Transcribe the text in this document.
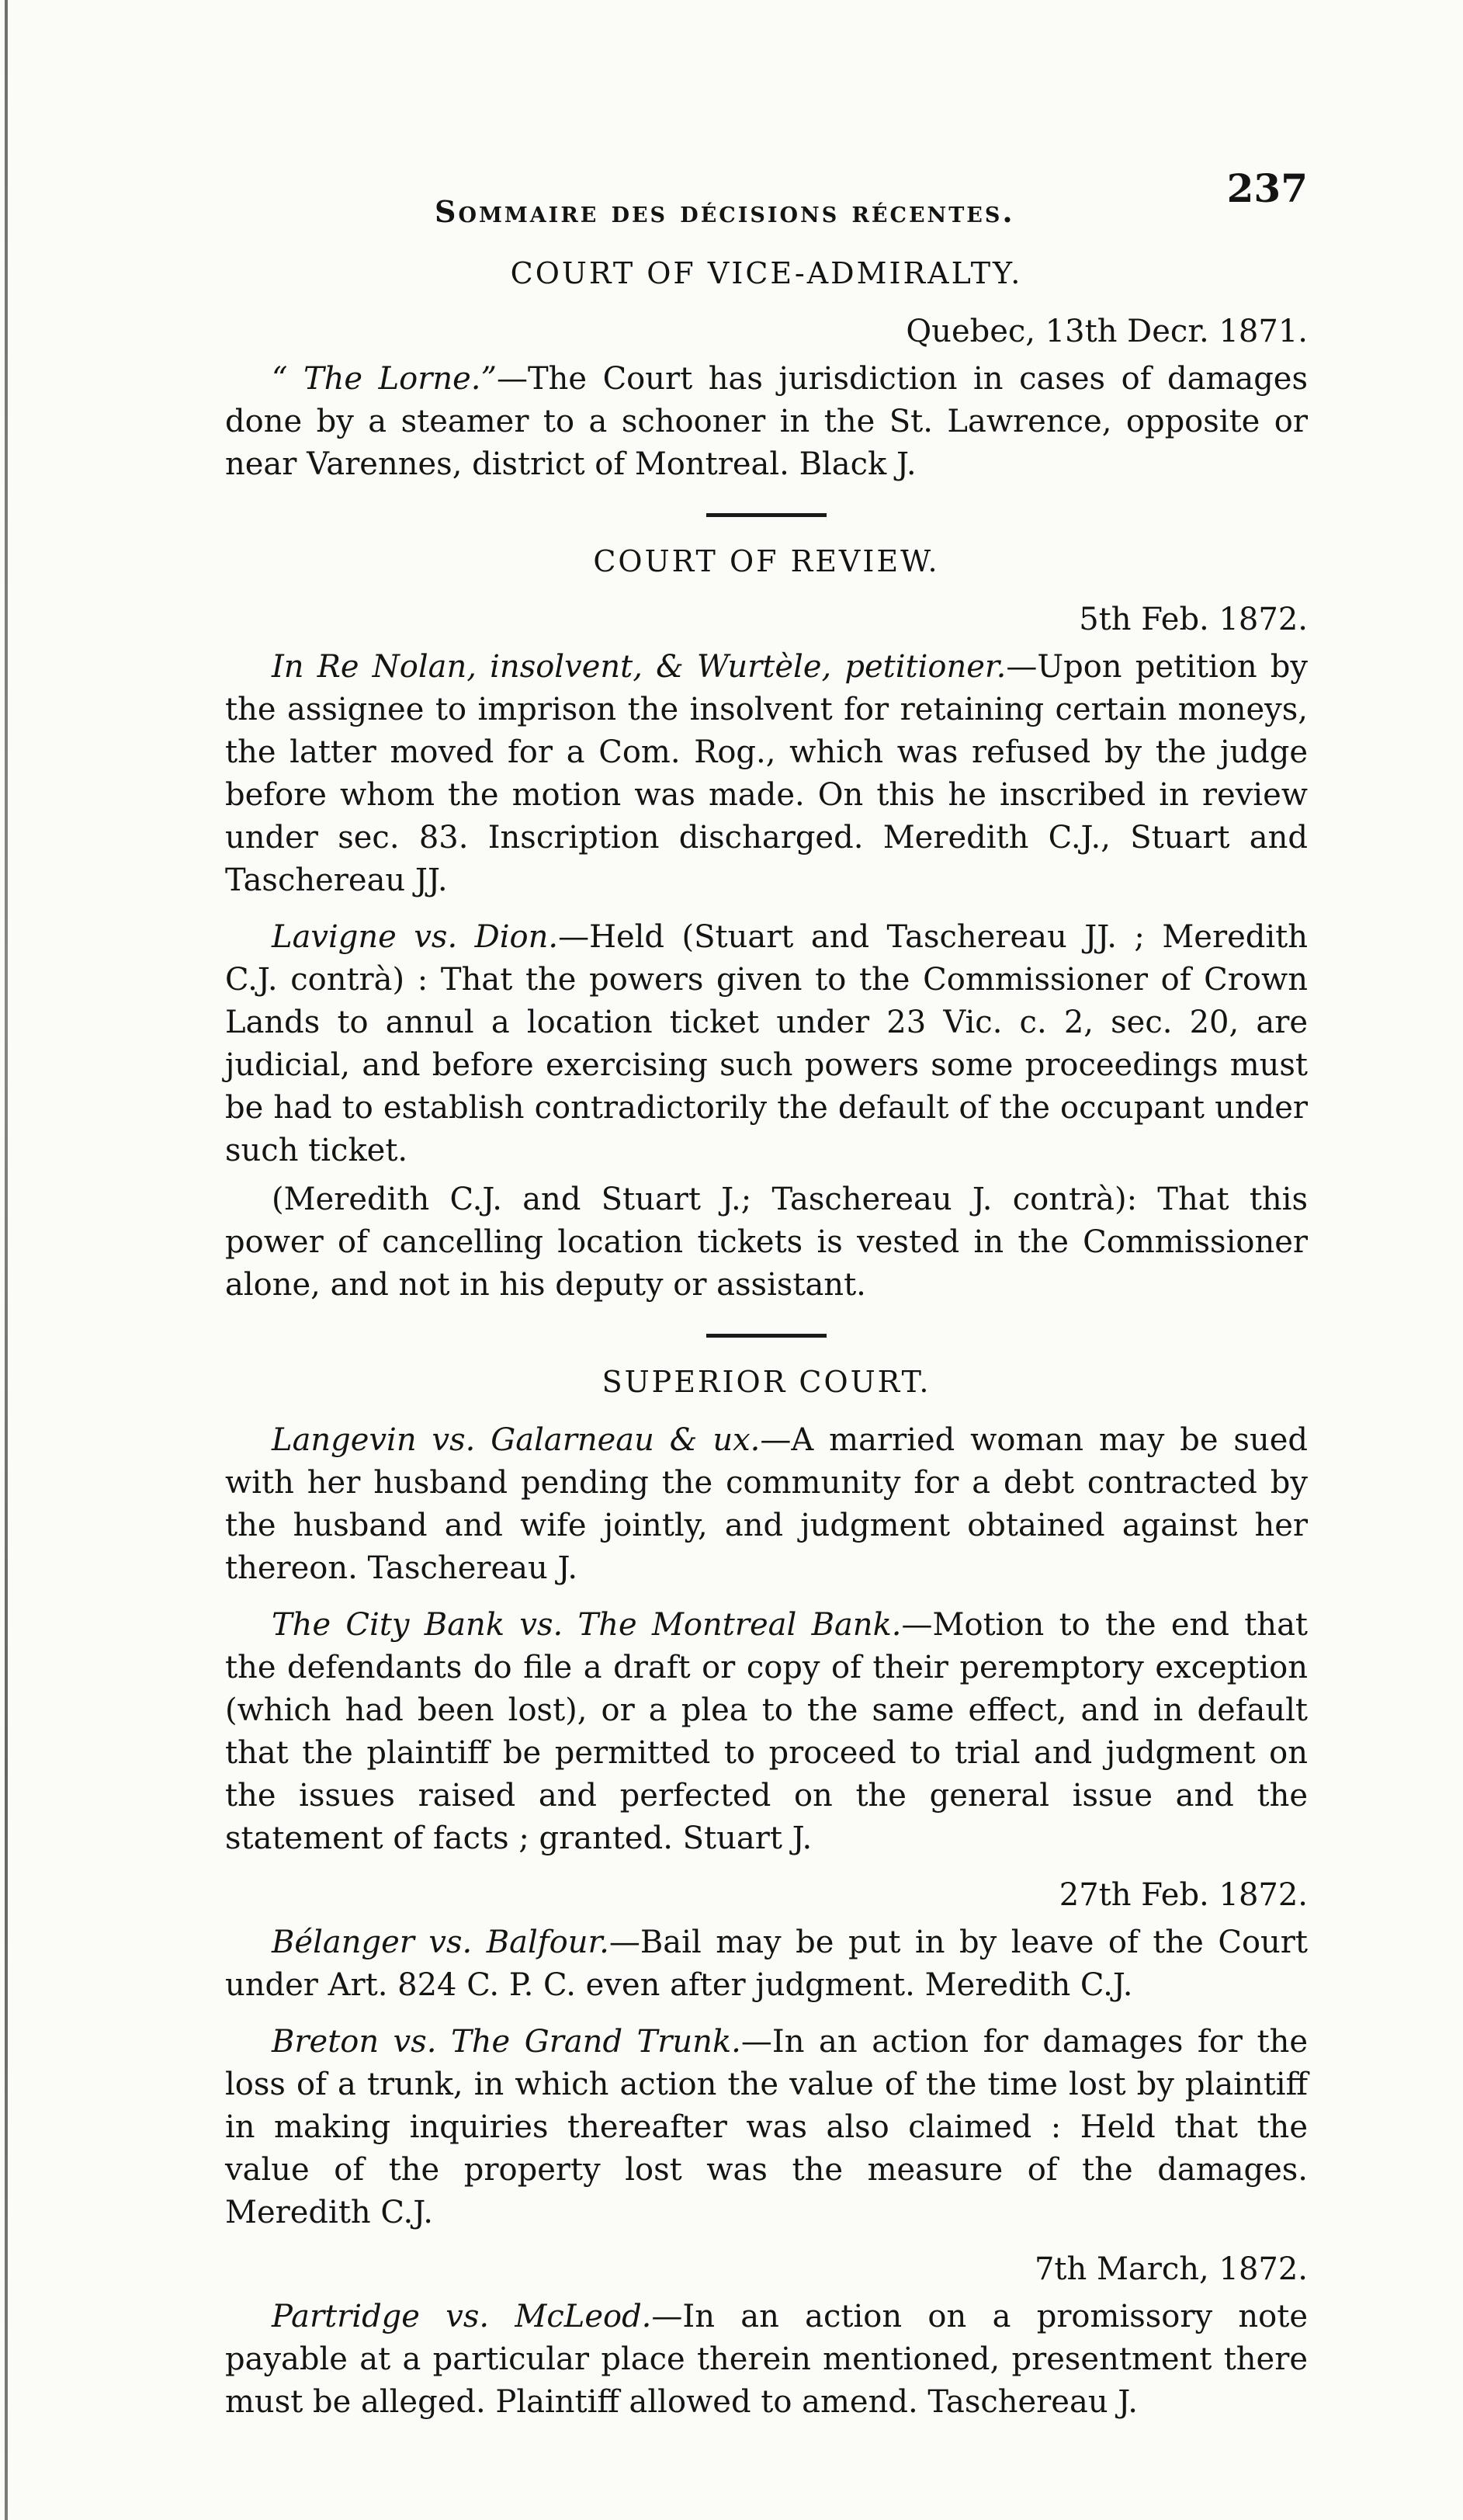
Sommaire des décisions récentes.
237
COURT OF VICE-ADMIRALTY.
Quebec, 13th Decr. 1871.

“ The Lorne.”—The Court has jurisdiction in cases of damages done by a steamer to a schooner in the St. Lawrence, opposite or near Varennes, district of Montreal. Black J.

COURT OF REVIEW.
5th Feb. 1872.

In Re Nolan, insolvent, & Wurtèle, petitioner.—Upon petition by the assignee to imprison the insolvent for retaining certain moneys, the latter moved for a Com. Rog., which was refused by the judge before whom the motion was made. On this he inscribed in review under sec. 83. Inscription discharged. Meredith C.J., Stuart and Taschereau JJ.

Lavigne vs. Dion.—Held (Stuart and Taschereau JJ. ; Meredith C.J. contrà) : That the powers given to the Commissioner of Crown Lands to annul a location ticket under 23 Vic. c. 2, sec. 20, are judicial, and before exercising such powers some proceedings must be had to establish contradictorily the default of the occupant under such ticket.

(Meredith C.J. and Stuart J.; Taschereau J. contrà): That this power of cancelling location tickets is vested in the Commissioner alone, and not in his deputy or assistant.

SUPERIOR COURT.

Langevin vs. Galarneau & ux.—A married woman may be sued with her husband pending the community for a debt contracted by the husband and wife jointly, and judgment obtained against her thereon. Taschereau J.

The City Bank vs. The Montreal Bank.—Motion to the end that the defendants do file a draft or copy of their peremptory exception (which had been lost), or a plea to the same effect, and in default that the plaintiff be permitted to proceed to trial and judgment on the issues raised and perfected on the general issue and the statement of facts ; granted. Stuart J.

27th Feb. 1872.

Bélanger vs. Balfour.—Bail may be put in by leave of the Court under Art. 824 C. P. C. even after judgment. Meredith C.J.

Breton vs. The Grand Trunk.—In an action for damages for the loss of a trunk, in which action the value of the time lost by plaintiff in making inquiries thereafter was also claimed : Held that the value of the property lost was the measure of the damages. Meredith C.J.

7th March, 1872.

Partridge vs. McLeod.—In an action on a promissory note payable at a particular place therein mentioned, presentment there must be alleged. Plaintiff allowed to amend. Taschereau J.
